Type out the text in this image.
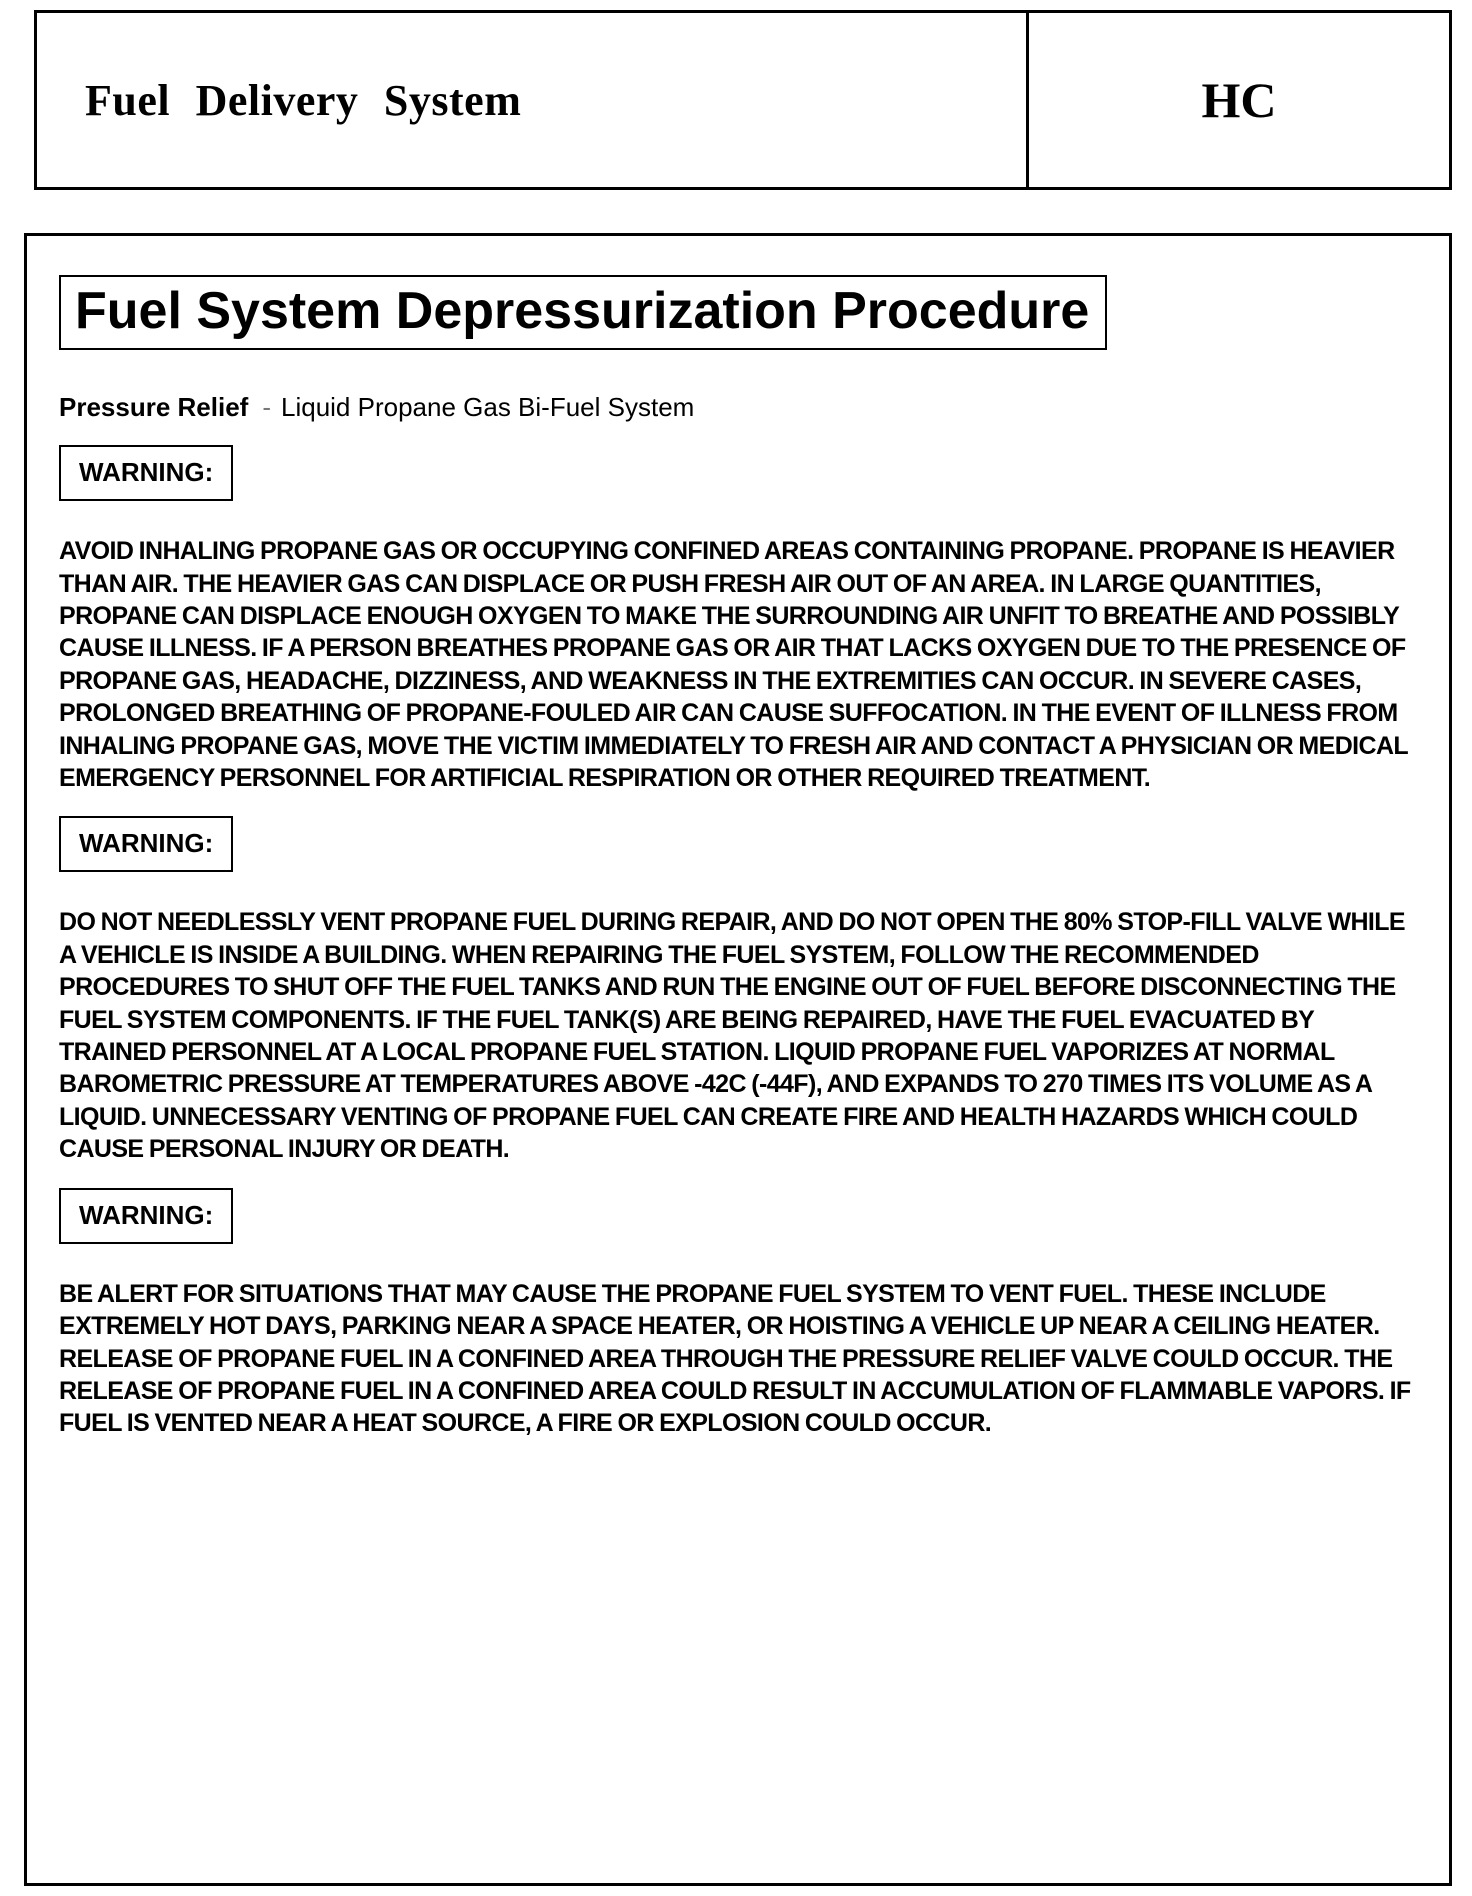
Fuel Delivery System	HC
Fuel System Depressurization Procedure
Pressure Relief - Liquid Propane Gas Bi-Fuel System
WARNING:
AVOID INHALING PROPANE GAS OR OCCUPYING CONFINED AREAS CONTAINING PROPANE. PROPANE IS HEAVIER THAN AIR. THE HEAVIER GAS CAN DISPLACE OR PUSH FRESH AIR OUT OF AN AREA. IN LARGE QUANTITIES, PROPANE CAN DISPLACE ENOUGH OXYGEN TO MAKE THE SURROUNDING AIR UNFIT TO BREATHE AND POSSIBLY CAUSE ILLNESS. IF A PERSON BREATHES PROPANE GAS OR AIR THAT LACKS OXYGEN DUE TO THE PRESENCE OF PROPANE GAS, HEADACHE, DIZZINESS, AND WEAKNESS IN THE EXTREMITIES CAN OCCUR. IN SEVERE CASES, PROLONGED BREATHING OF PROPANE-FOULED AIR CAN CAUSE SUFFOCATION. IN THE EVENT OF ILLNESS FROM INHALING PROPANE GAS, MOVE THE VICTIM IMMEDIATELY TO FRESH AIR AND CONTACT A PHYSICIAN OR MEDICAL EMERGENCY PERSONNEL FOR ARTIFICIAL RESPIRATION OR OTHER REQUIRED TREATMENT.
WARNING:
DO NOT NEEDLESSLY VENT PROPANE FUEL DURING REPAIR, AND DO NOT OPEN THE 80% STOP-FILL VALVE WHILE A VEHICLE IS INSIDE A BUILDING. WHEN REPAIRING THE FUEL SYSTEM, FOLLOW THE RECOMMENDED PROCEDURES TO SHUT OFF THE FUEL TANKS AND RUN THE ENGINE OUT OF FUEL BEFORE DISCONNECTING THE FUEL SYSTEM COMPONENTS. IF THE FUEL TANK(S) ARE BEING REPAIRED, HAVE THE FUEL EVACUATED BY TRAINED PERSONNEL AT A LOCAL PROPANE FUEL STATION. LIQUID PROPANE FUEL VAPORIZES AT NORMAL BAROMETRIC PRESSURE AT TEMPERATURES ABOVE -42C (-44F), AND EXPANDS TO 270 TIMES ITS VOLUME AS A LIQUID. UNNECESSARY VENTING OF PROPANE FUEL CAN CREATE FIRE AND HEALTH HAZARDS WHICH COULD CAUSE PERSONAL INJURY OR DEATH.
WARNING:
BE ALERT FOR SITUATIONS THAT MAY CAUSE THE PROPANE FUEL SYSTEM TO VENT FUEL. THESE INCLUDE EXTREMELY HOT DAYS, PARKING NEAR A SPACE HEATER, OR HOISTING A VEHICLE UP NEAR A CEILING HEATER. RELEASE OF PROPANE FUEL IN A CONFINED AREA THROUGH THE PRESSURE RELIEF VALVE COULD OCCUR. THE RELEASE OF PROPANE FUEL IN A CONFINED AREA COULD RESULT IN ACCUMULATION OF FLAMMABLE VAPORS. IF FUEL IS VENTED NEAR A HEAT SOURCE, A FIRE OR EXPLOSION COULD OCCUR.
